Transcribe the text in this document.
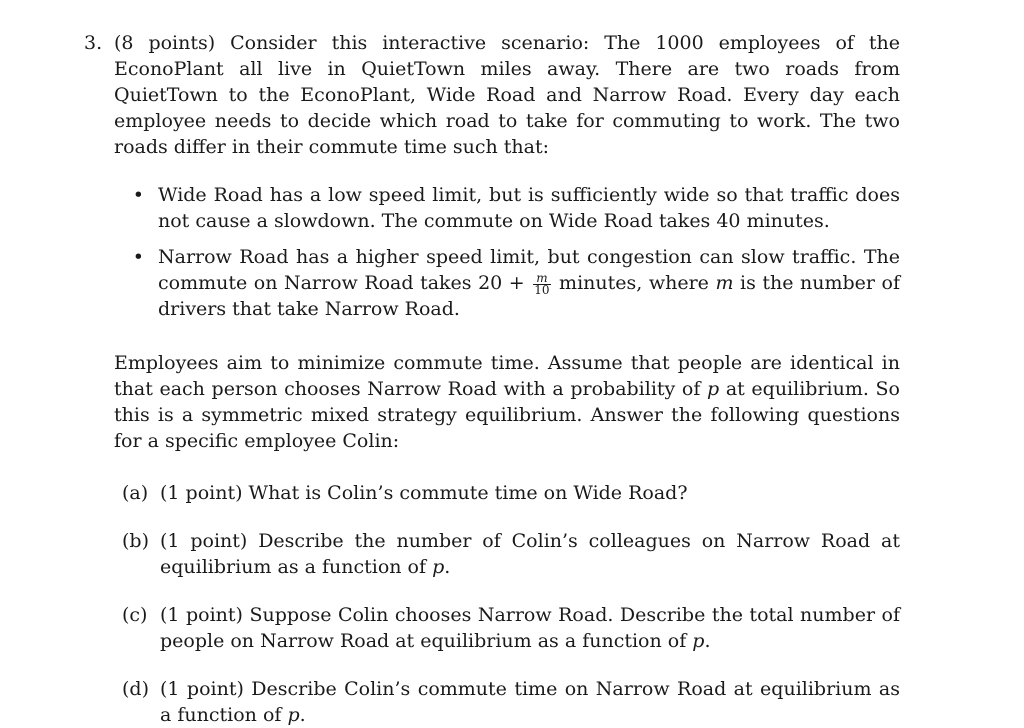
3. (8 points) Consider this interactive scenario: The 1000 employees of the EconoPlant all live in QuietTown miles away. There are two roads from QuietTown to the EconoPlant, Wide Road and Narrow Road. Every day each employee needs to decide which road to take for commuting to work. The two roads differ in their commute time such that:

• Wide Road has a low speed limit, but is sufficiently wide so that traffic does not cause a slowdown. The commute on Wide Road takes 40 minutes.
• Narrow Road has a higher speed limit, but congestion can slow traffic. The commute on Narrow Road takes $20 + \frac{m}{10}$ minutes, where m is the number of drivers that take Narrow Road.

Employees aim to minimize commute time. Assume that people are identical in that each person chooses Narrow Road with a probability of p at equilibrium. So this is a symmetric mixed strategy equilibrium. Answer the following questions for a specific employee Colin:

(a) (1 point) What is Colin’s commute time on Wide Road?
(b) (1 point) Describe the number of Colin’s colleagues on Narrow Road at equilibrium as a function of p.
(c) (1 point) Suppose Colin chooses Narrow Road. Describe the total number of people on Narrow Road at equilibrium as a function of p.
(d) (1 point) Describe Colin’s commute time on Narrow Road at equilibrium as a function of p.
